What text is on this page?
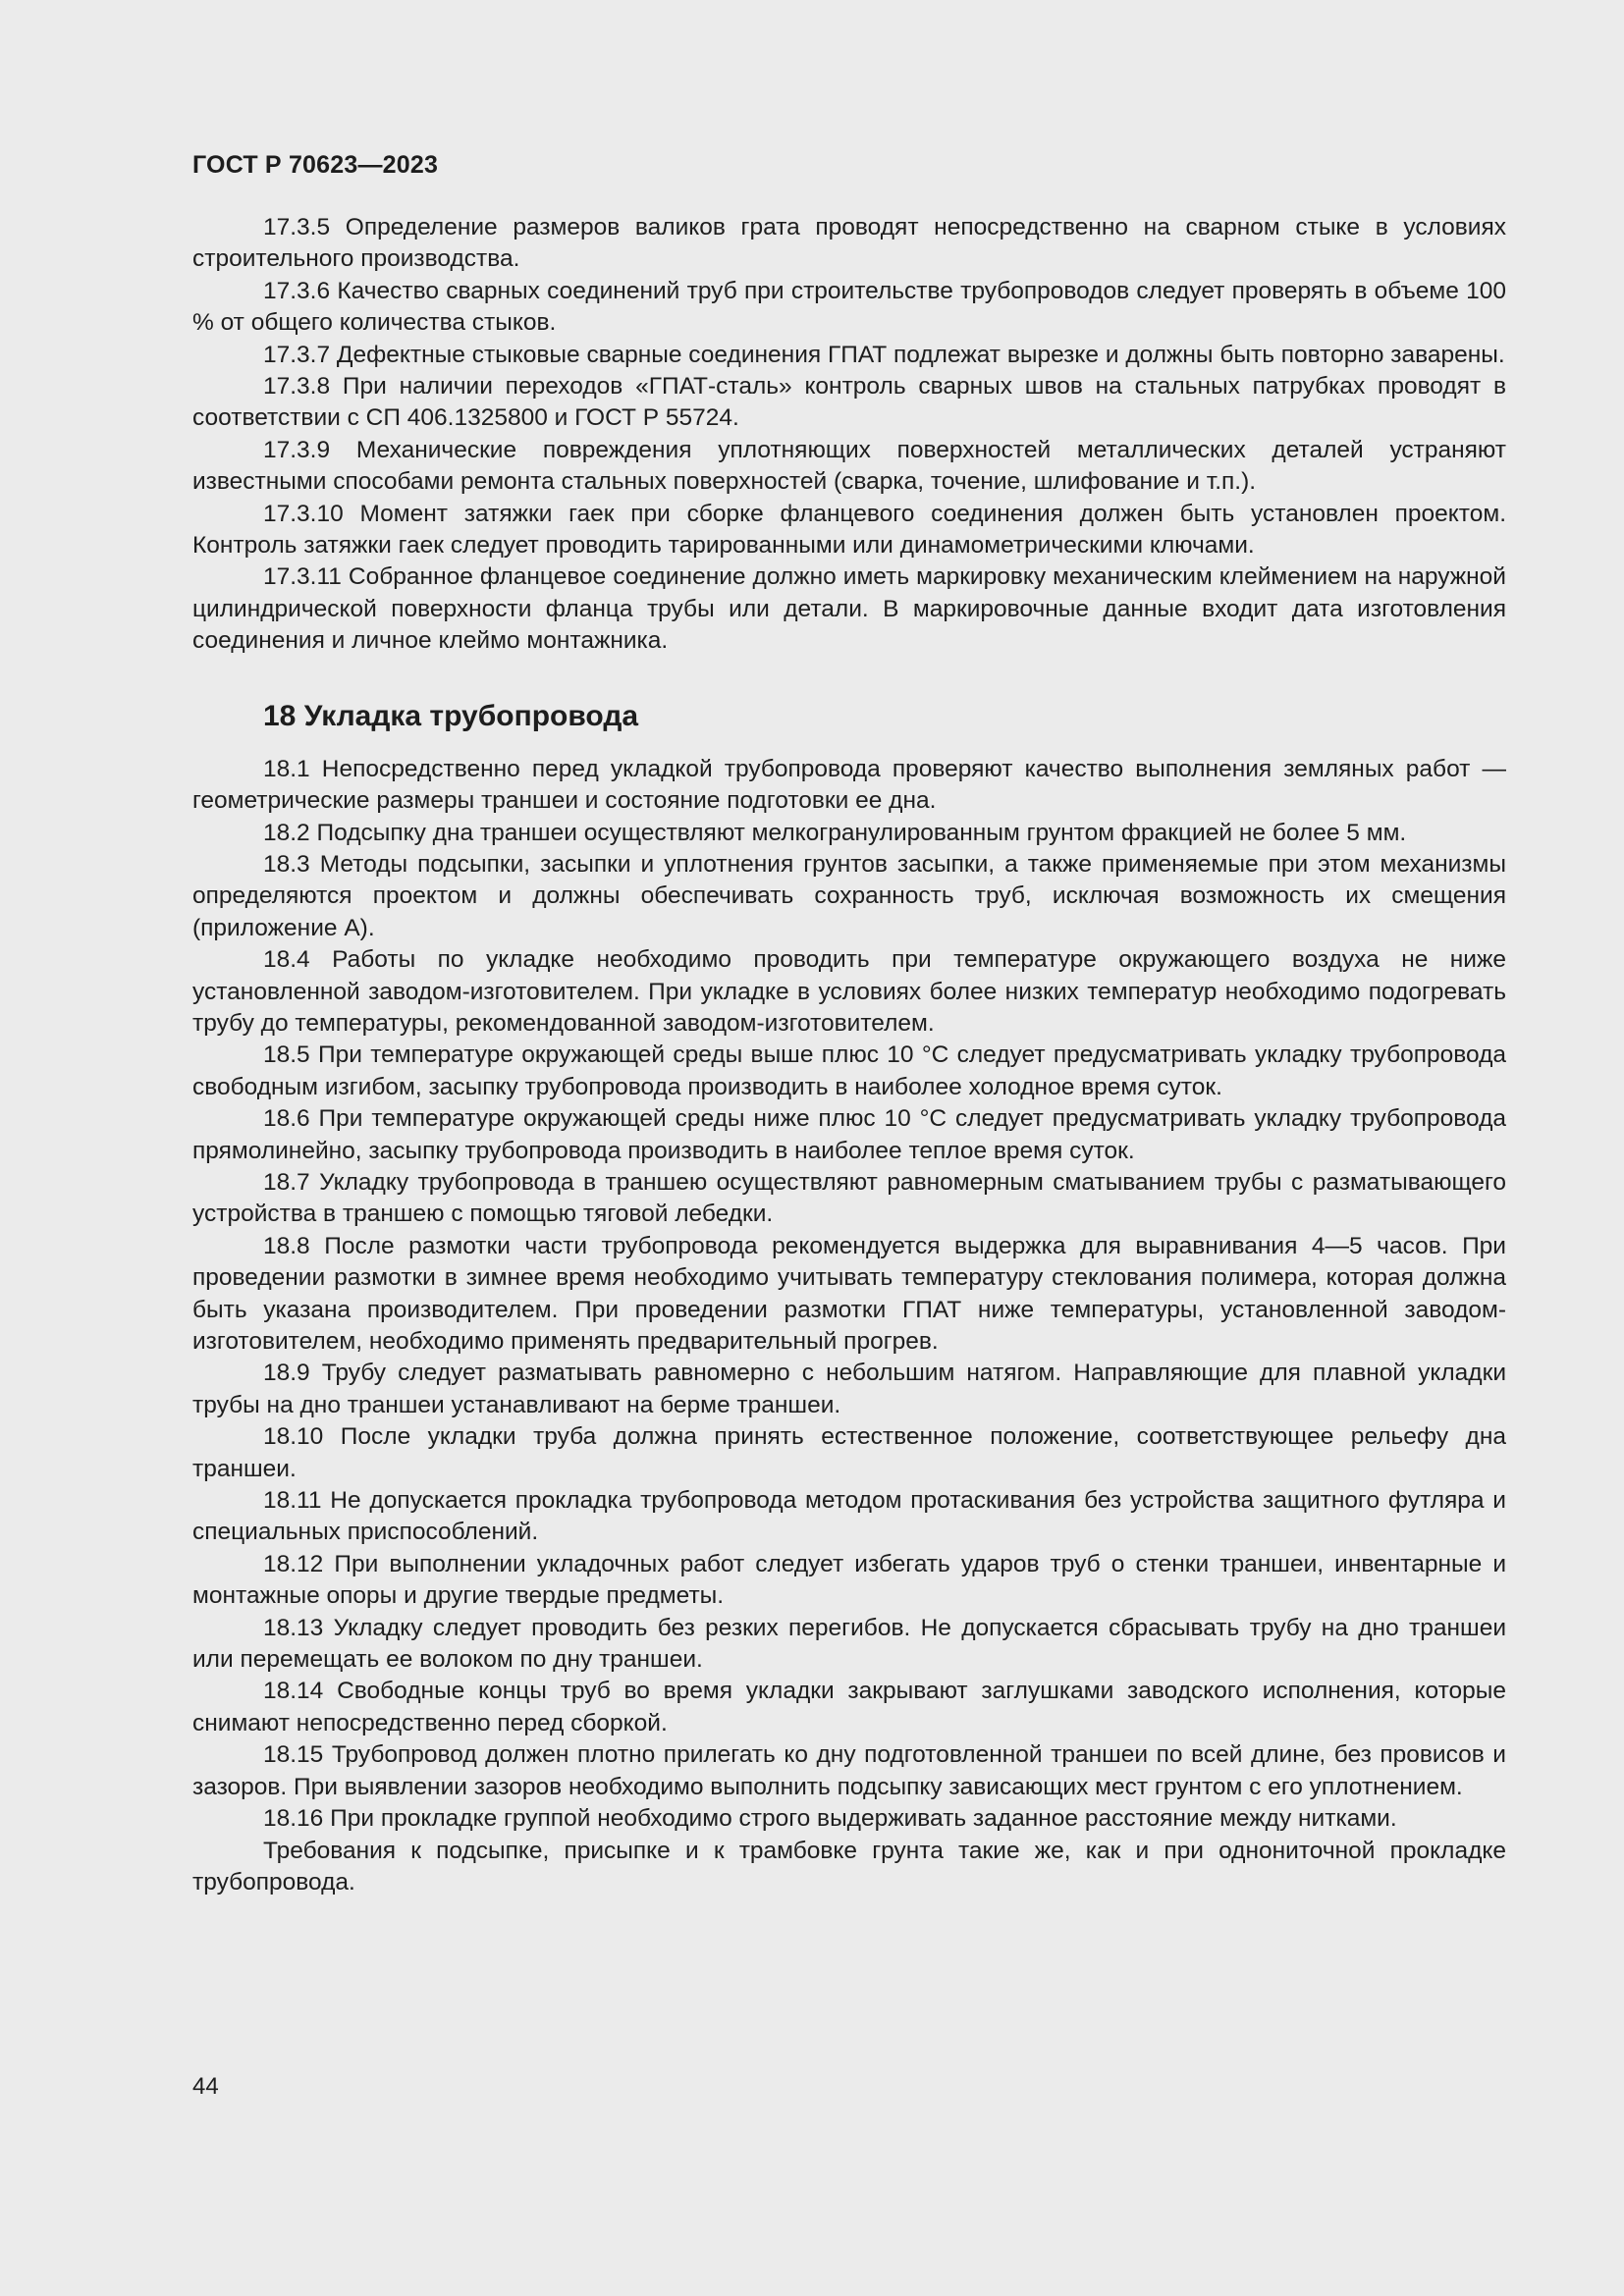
ГОСТ Р 70623—2023

17.3.5 Определение размеров валиков грата проводят непосредственно на сварном стыке в условиях строительного производства.

17.3.6 Качество сварных соединений труб при строительстве трубопроводов следует проверять в объеме 100 % от общего количества стыков.

17.3.7 Дефектные стыковые сварные соединения ГПАТ подлежат вырезке и должны быть повторно заварены.

17.3.8 При наличии переходов «ГПАТ-сталь» контроль сварных швов на стальных патрубках проводят в соответствии с СП 406.1325800 и ГОСТ Р 55724.

17.3.9 Механические повреждения уплотняющих поверхностей металлических деталей устраняют известными способами ремонта стальных поверхностей (сварка, точение, шлифование и т.п.).

17.3.10 Момент затяжки гаек при сборке фланцевого соединения должен быть установлен проектом. Контроль затяжки гаек следует проводить тарированными или динамометрическими ключами.

17.3.11 Собранное фланцевое соединение должно иметь маркировку механическим клеймением на наружной цилиндрической поверхности фланца трубы или детали. В маркировочные данные входит дата изготовления соединения и личное клеймо монтажника.

18 Укладка трубопровода

18.1 Непосредственно перед укладкой трубопровода проверяют качество выполнения земляных работ — геометрические размеры траншеи и состояние подготовки ее дна.

18.2 Подсыпку дна траншеи осуществляют мелкогранулированным грунтом фракцией не более 5 мм.

18.3 Методы подсыпки, засыпки и уплотнения грунтов засыпки, а также применяемые при этом механизмы определяются проектом и должны обеспечивать сохранность труб, исключая возможность их смещения (приложение А).

18.4 Работы по укладке необходимо проводить при температуре окружающего воздуха не ниже установленной заводом-изготовителем. При укладке в условиях более низких температур необходимо подогревать трубу до температуры, рекомендованной заводом-изготовителем.

18.5 При температуре окружающей среды выше плюс 10 °С следует предусматривать укладку трубопровода свободным изгибом, засыпку трубопровода производить в наиболее холодное время суток.

18.6 При температуре окружающей среды ниже плюс 10 °С следует предусматривать укладку трубопровода прямолинейно, засыпку трубопровода производить в наиболее теплое время суток.

18.7 Укладку трубопровода в траншею осуществляют равномерным сматыванием трубы с разматывающего устройства в траншею с помощью тяговой лебедки.

18.8 После размотки части трубопровода рекомендуется выдержка для выравнивания 4—5 часов. При проведении размотки в зимнее время необходимо учитывать температуру стеклования полимера, которая должна быть указана производителем. При проведении размотки ГПАТ ниже температуры, установленной заводом-изготовителем, необходимо применять предварительный прогрев.

18.9 Трубу следует разматывать равномерно с небольшим натягом. Направляющие для плавной укладки трубы на дно траншеи устанавливают на берме траншеи.

18.10 После укладки труба должна принять естественное положение, соответствующее рельефу дна траншеи.

18.11 Не допускается прокладка трубопровода методом протаскивания без устройства защитного футляра и специальных приспособлений.

18.12 При выполнении укладочных работ следует избегать ударов труб о стенки траншеи, инвентарные и монтажные опоры и другие твердые предметы.

18.13 Укладку следует проводить без резких перегибов. Не допускается сбрасывать трубу на дно траншеи или перемещать ее волоком по дну траншеи.

18.14 Свободные концы труб во время укладки закрывают заглушками заводского исполнения, которые снимают непосредственно перед сборкой.

18.15 Трубопровод должен плотно прилегать ко дну подготовленной траншеи по всей длине, без провисов и зазоров. При выявлении зазоров необходимо выполнить подсыпку зависающих мест грунтом с его уплотнением.

18.16 При прокладке группой необходимо строго выдерживать заданное расстояние между нитками.

Требования к подсыпке, присыпке и к трамбовке грунта такие же, как и при однониточной прокладке трубопровода.

44
